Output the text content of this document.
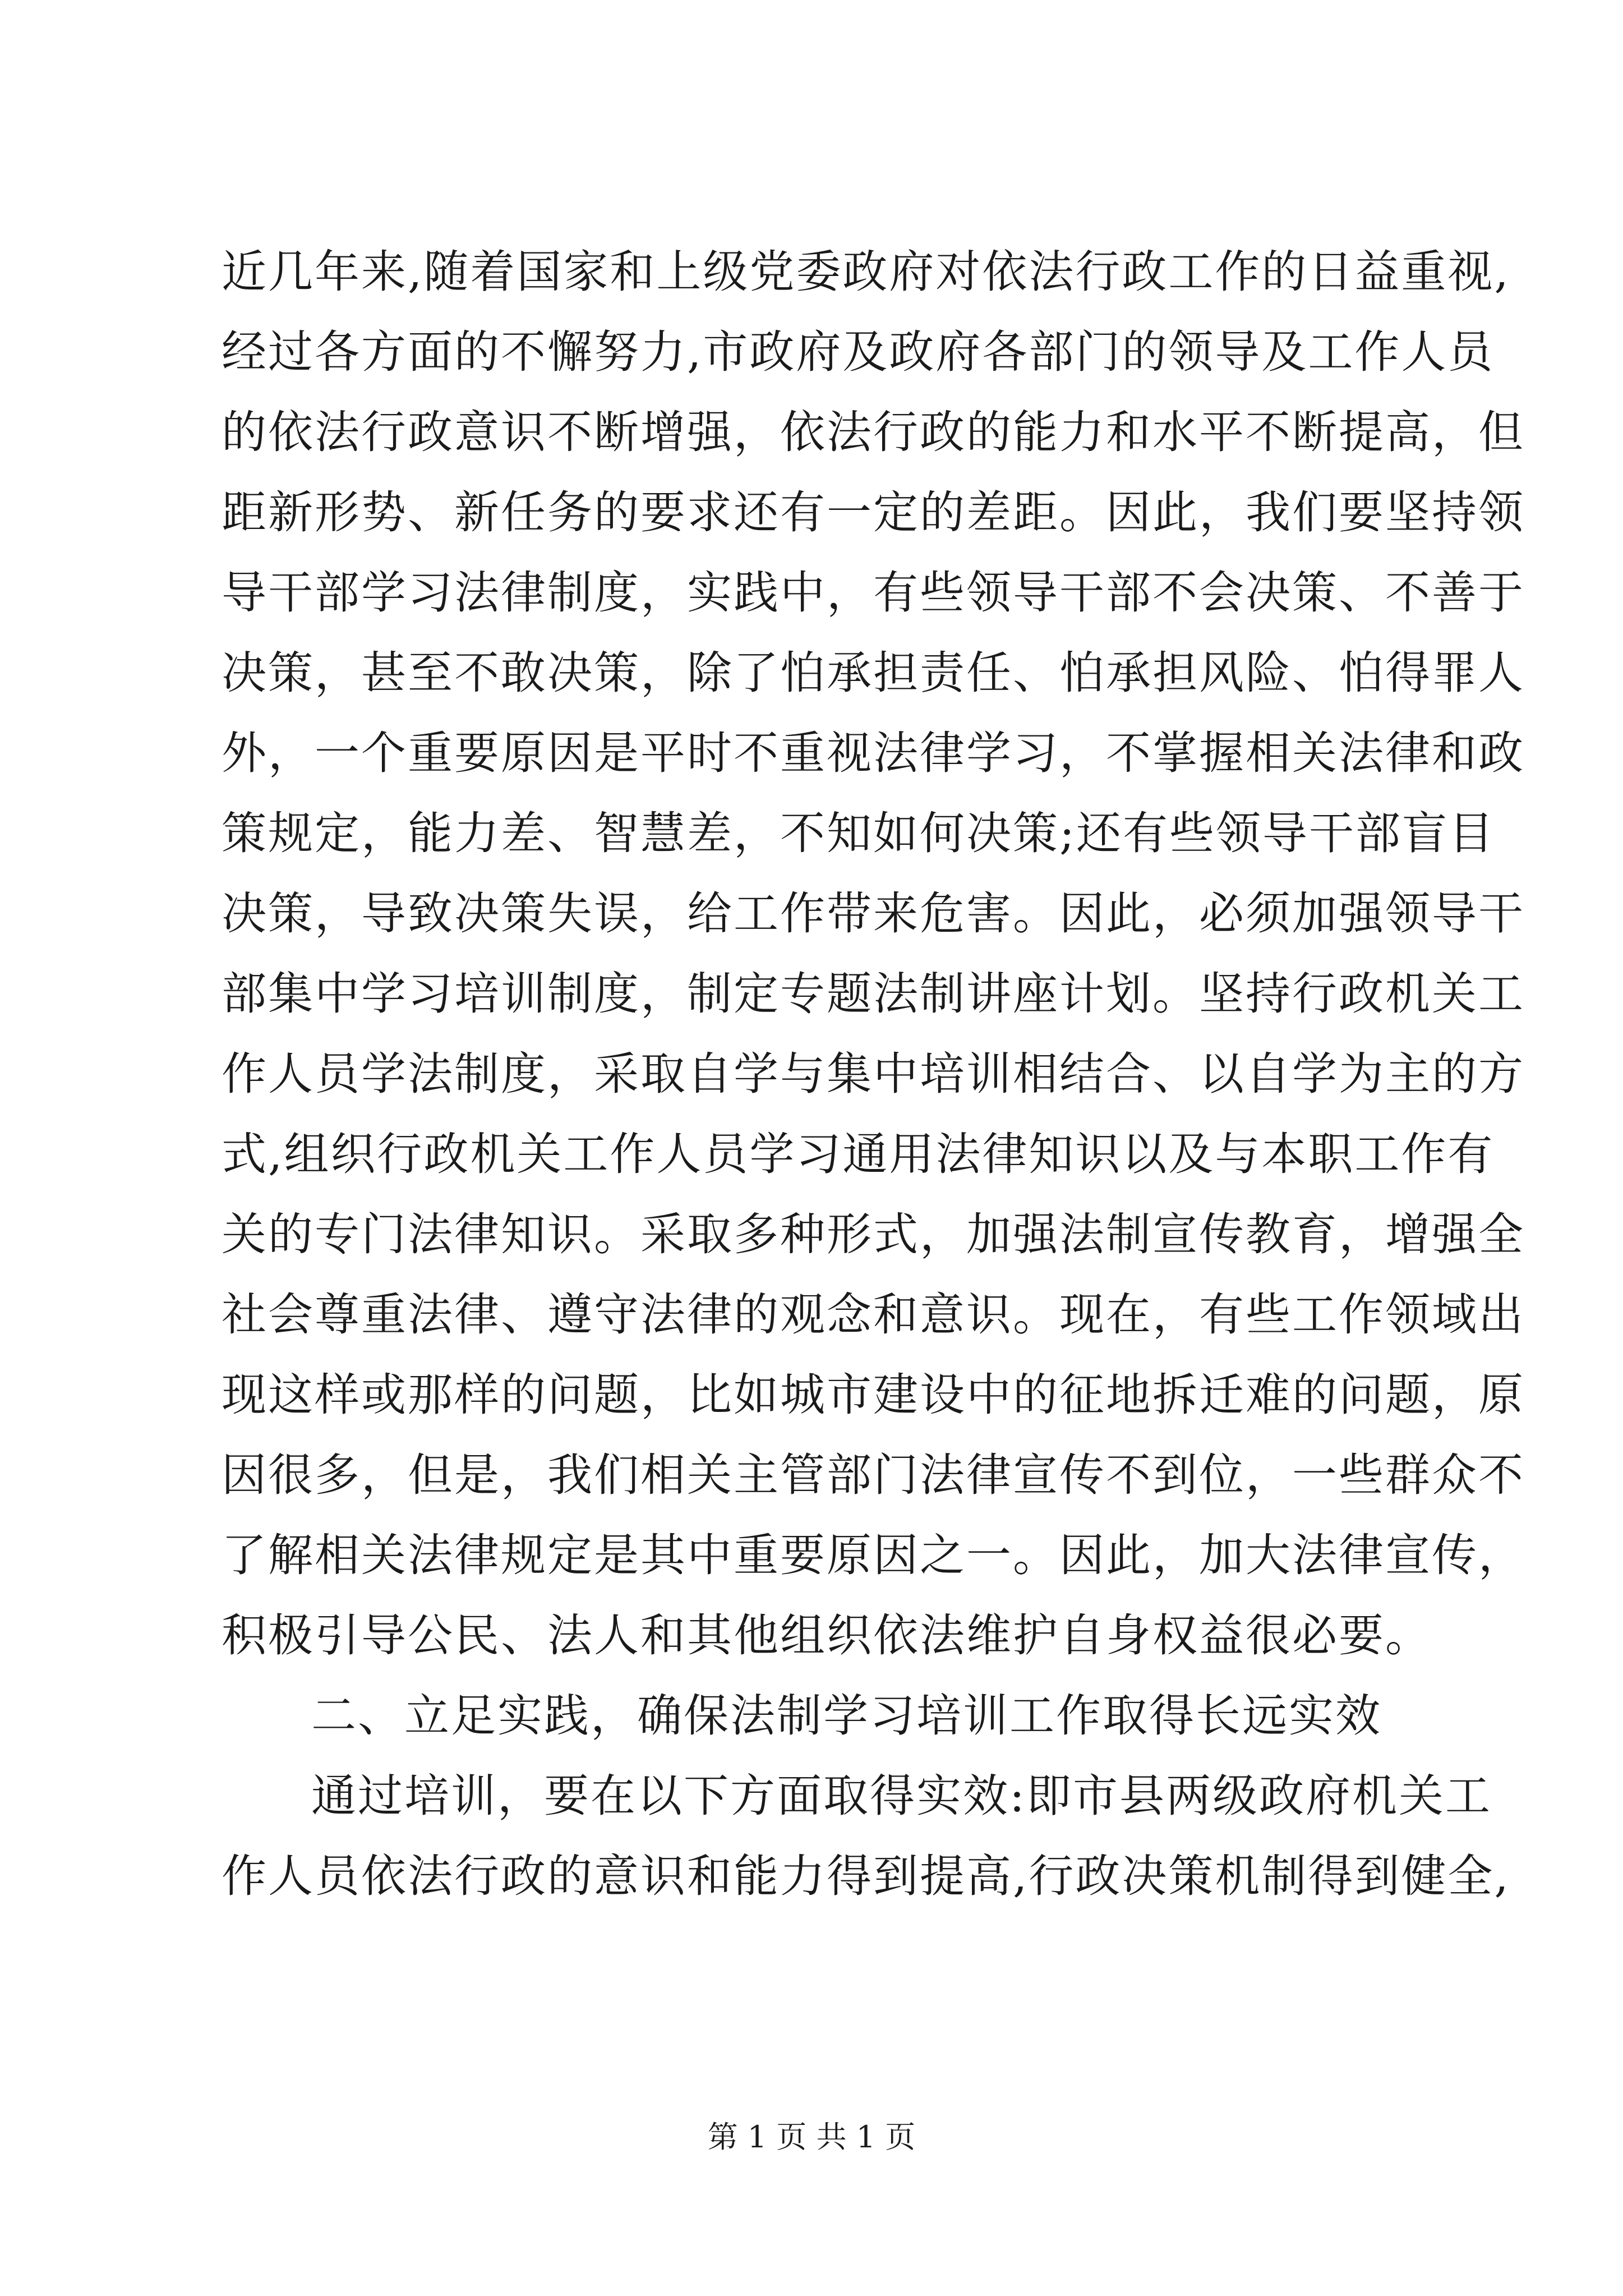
近几年来,随着国家和上级党委政府对依法行政工作的日益重视,
经过各方面的不懈努力,市政府及政府各部门的领导及工作人员
的依法行政意识不断增强，依法行政的能力和水平不断提高，但
距新形势、新任务的要求还有一定的差距。因此，我们要坚持领
导干部学习法律制度，实践中，有些领导干部不会决策、不善于
决策，甚至不敢决策，除了怕承担责任、怕承担风险、怕得罪人
外，一个重要原因是平时不重视法律学习，不掌握相关法律和政
策规定，能力差、智慧差，不知如何决策;还有些领导干部盲目
决策，导致决策失误，给工作带来危害。因此，必须加强领导干
部集中学习培训制度，制定专题法制讲座计划。坚持行政机关工
作人员学法制度，采取自学与集中培训相结合、以自学为主的方
式,组织行政机关工作人员学习通用法律知识以及与本职工作有
关的专门法律知识。采取多种形式，加强法制宣传教育，增强全
社会尊重法律、遵守法律的观念和意识。现在，有些工作领域出
现这样或那样的问题，比如城市建设中的征地拆迁难的问题，原
因很多，但是，我们相关主管部门法律宣传不到位，一些群众不
了解相关法律规定是其中重要原因之一。因此，加大法律宣传，
积极引导公民、法人和其他组织依法维护自身权益很必要。
二、立足实践，确保法制学习培训工作取得长远实效
通过培训，要在以下方面取得实效:即市县两级政府机关工
作人员依法行政的意识和能力得到提高,行政决策机制得到健全,
第 1 页 共 1 页
